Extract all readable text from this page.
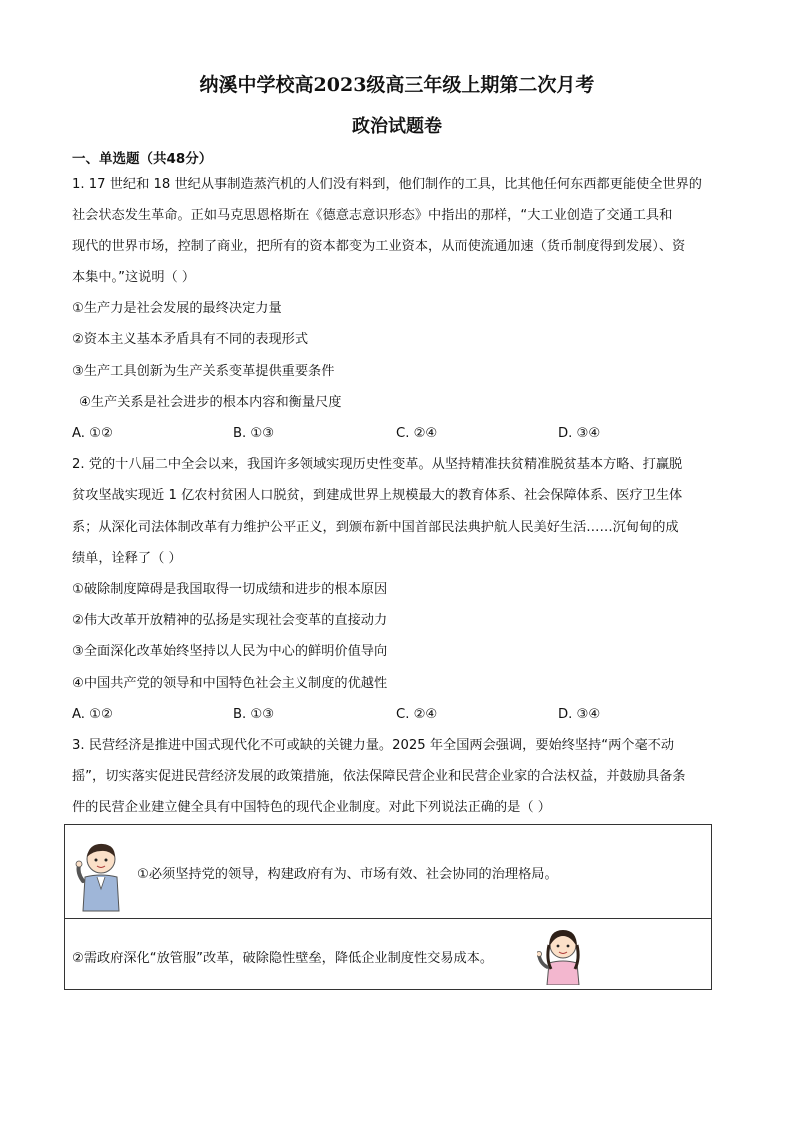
纳溪中学校高2023级高三年级上期第二次月考
政治试题卷
一、单选题（共48分）
1. 17 世纪和 18 世纪从事制造蒸汽机的人们没有料到，他们制作的工具，比其他任何东西都更能使全世界的
社会状态发生革命。正如马克思恩格斯在《德意志意识形态》中指出的那样，“大工业创造了交通工具和
现代的世界市场，控制了商业，把所有的资本都变为工业资本，从而使流通加速（货币制度得到发展）、资
本集中。”这说明（ ）
①生产力是社会发展的最终决定力量
②资本主义基本矛盾具有不同的表现形式
③生产工具创新为生产关系变革提供重要条件
④生产关系是社会进步的根本内容和衡量尺度
A. ①②	B. ①③	C. ②④	D. ③④
2. 党的十八届二中全会以来，我国许多领域实现历史性变革。从坚持精准扶贫精准脱贫基本方略、打赢脱
贫攻坚战实现近 1 亿农村贫困人口脱贫，到建成世界上规模最大的教育体系、社会保障体系、医疗卫生体
系；从深化司法体制改革有力维护公平正义，到颁布新中国首部民法典护航人民美好生活……沉甸甸的成
绩单，诠释了（ ）
①破除制度障碍是我国取得一切成绩和进步的根本原因
②伟大改革开放精神的弘扬是实现社会变革的直接动力
③全面深化改革始终坚持以人民为中心的鲜明价值导向
④中国共产党的领导和中国特色社会主义制度的优越性
A. ①②	B. ①③	C. ②④	D. ③④
3. 民营经济是推进中国式现代化不可或缺的关键力量。2025 年全国两会强调，要始终坚持“两个毫不动
摇”，切实落实促进民营经济发展的政策措施，依法保障民营企业和民营企业家的合法权益，并鼓励具备条
件的民营企业建立健全具有中国特色的现代企业制度。对此下列说法正确的是（ ）
①必须坚持党的领导，构建政府有为、市场有效、社会协同的治理格局。
②需政府深化“放管服”改革，破除隐性壁垒，降低企业制度性交易成本。
